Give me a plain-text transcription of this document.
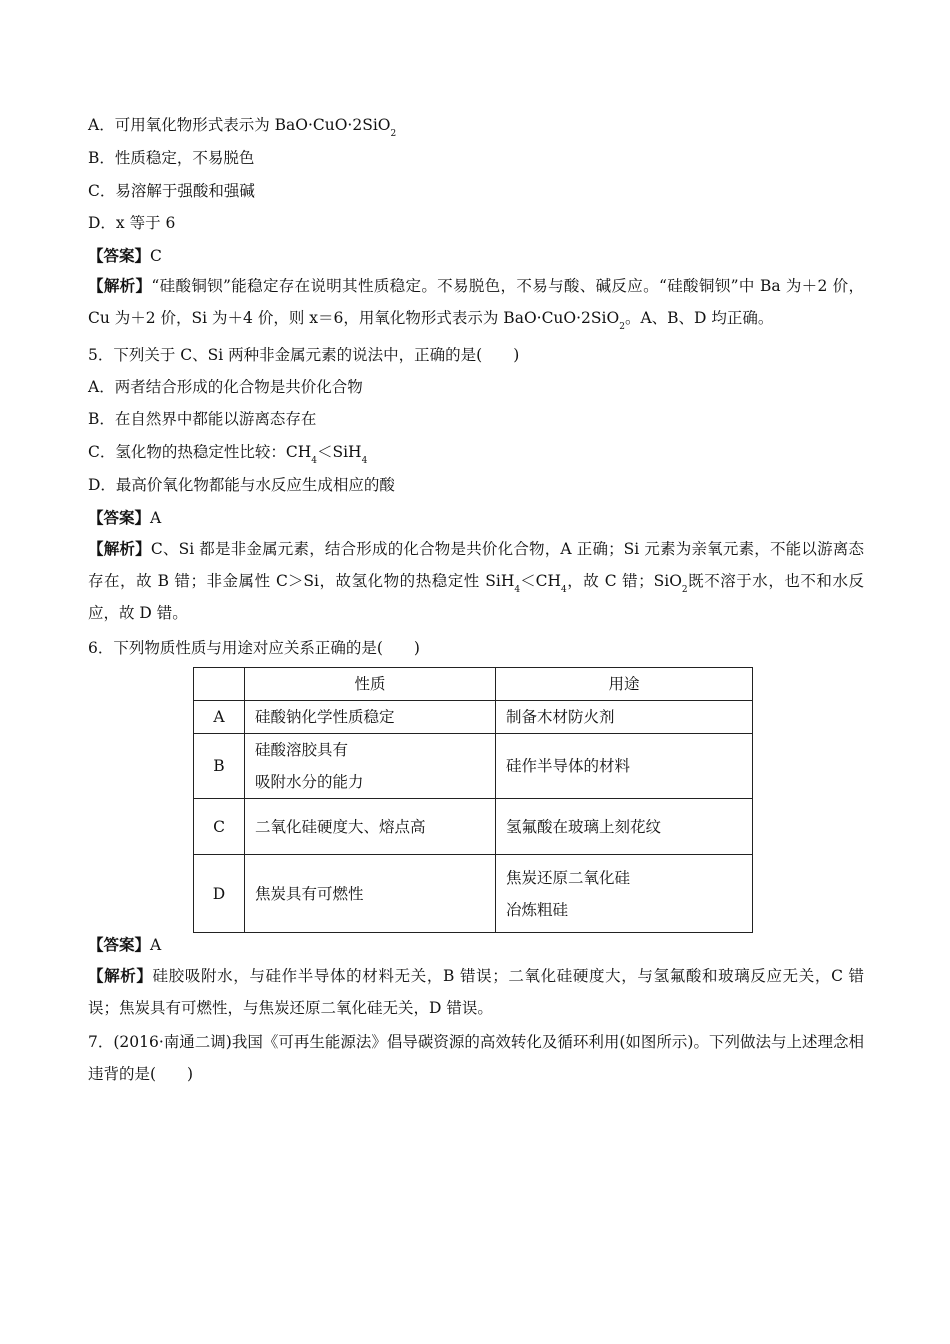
A．可用氧化物形式表示为 BaO·CuO·2SiO$_2$
B．性质稳定，不易脱色
C．易溶解于强酸和强碱
D．x 等于 6
【答案】C
【解析】“硅酸铜钡”能稳定存在说明其性质稳定。不易脱色，不易与酸、碱反应。“硅酸铜钡”中 Ba 为＋2 价，Cu 为＋2 价，Si 为＋4 价，则 x＝6，用氧化物形式表示为 BaO·CuO·2SiO$_2$。A、B、D 均正确。
5．下列关于 C、Si 两种非金属元素的说法中，正确的是(　　)
A．两者结合形成的化合物是共价化合物
B．在自然界中都能以游离态存在
C．氢化物的热稳定性比较：$CH_4<SiH_4$
D．最高价氧化物都能与水反应生成相应的酸
【答案】A
【解析】C、Si 都是非金属元素，结合形成的化合物是共价化合物，A 正确；Si 元素为亲氧元素，不能以游离态存在，故 B 错；非金属性 C＞Si，故氢化物的热稳定性 $SiH_4<CH_4$，故 C 错；SiO$_2$既不溶于水，也不和水反应，故 D 错。
6．下列物质性质与用途对应关系正确的是(　　)
	性质	用途
A	硅酸钠化学性质稳定	制备木材防火剂

B	硅酸溶胶具有
吸附水分的能力	硅作半导体的材料

C	二氧化硅硬度大、熔点高	氢氟酸在玻璃上刻花纹

D	焦炭具有可燃性	焦炭还原二氧化硅
冶炼粗硅
【答案】A
【解析】硅胶吸附水，与硅作半导体的材料无关，B 错误；二氧化硅硬度大，与氢氟酸和玻璃反应无关，C 错误；焦炭具有可燃性，与焦炭还原二氧化硅无关，D 错误。
7．(2016·南通二调)我国《可再生能源法》倡导碳资源的高效转化及循环利用(如图所示)。下列做法与上述理念相违背的是(　　)
